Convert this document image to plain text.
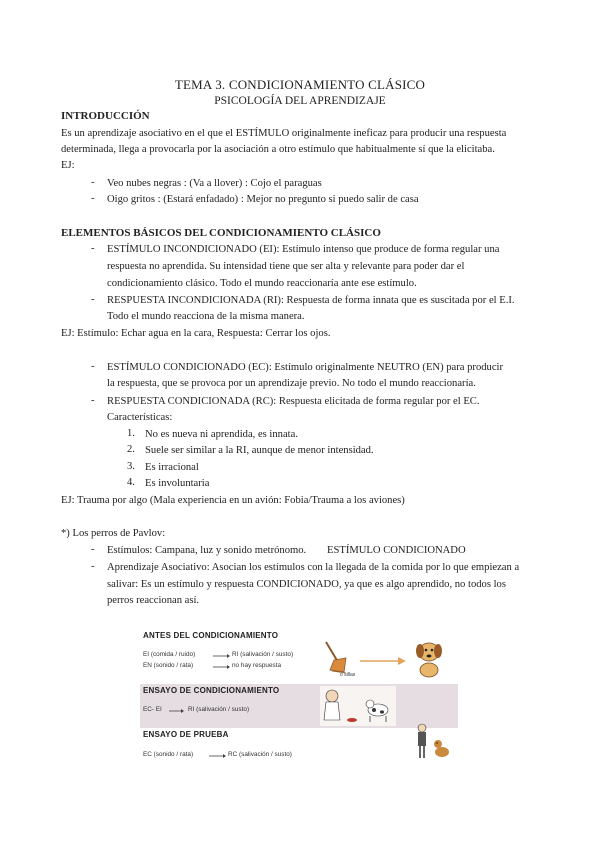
TEMA 3. CONDICIONAMIENTO CLÁSICO
PSICOLOGÍA DEL APRENDIZAJE
INTRODUCCIÓN
Es un aprendizaje asociativo en el que el ESTÍMULO originalmente ineficaz para producir una respuesta
determinada, llega a provocarla por la asociación a otro estímulo que habitualmente sí que la elicitaba.
EJ:
- Veo nubes negras : (Va a llover) : Cojo el paraguas
- Oigo gritos : (Estará enfadado) : Mejor no pregunto si puedo salir de casa
ELEMENTOS BÁSICOS DEL CONDICIONAMIENTO CLÁSICO
- ESTÍMULO INCONDICIONADO (EI): Estímulo intenso que produce de forma regular una
respuesta no aprendida. Su intensidad tiene que ser alta y relevante para poder dar el
condicionamiento clásico. Todo el mundo reaccionaría ante ese estímulo.
- RESPUESTA INCONDICIONADA (RI): Respuesta de forma innata que es suscitada por el E.I.
Todo el mundo reacciona de la misma manera.
EJ: Estímulo: Echar agua en la cara, Respuesta: Cerrar los ojos.
- ESTÍMULO CONDICIONADO (EC): Estímulo originalmente NEUTRO (EN) para producir
la respuesta, que se provoca por un aprendizaje previo. No todo el mundo reaccionaría.
- RESPUESTA CONDICIONADA (RC): Respuesta elicitada de forma regular por el EC.
Características:
1. No es nueva ni aprendida, es innata.
2. Suele ser similar a la RI, aunque de menor intensidad.
3. Es irracional
4. Es involuntaria
EJ: Trauma por algo (Mala experiencia en un avión: Fobia/Trauma a los aviones)
*) Los perros de Pavlov:
- Estímulos: Campana, luz y sonido metrónomo. ESTÍMULO CONDICIONADO
- Aprendizaje Asociativo: Asocian los estímulos con la llegada de la comida por lo que empiezan a
salivar: Es un estímulo y respuesta CONDICIONADO, ya que es algo aprendido, no todos los
perros reaccionan así.
ANTES DEL CONDICIONAMIENTO
EI (comida / ruido)	RI (salivación / susto)
EN (sonido / rata)	no hay respuesta
o sillas
ENSAYO DE CONDICIONAMIENTO
EC- EI	RI (salivación / susto)
ENSAYO DE PRUEBA
EC (sonido / rata)	RC (salivación / susto)
